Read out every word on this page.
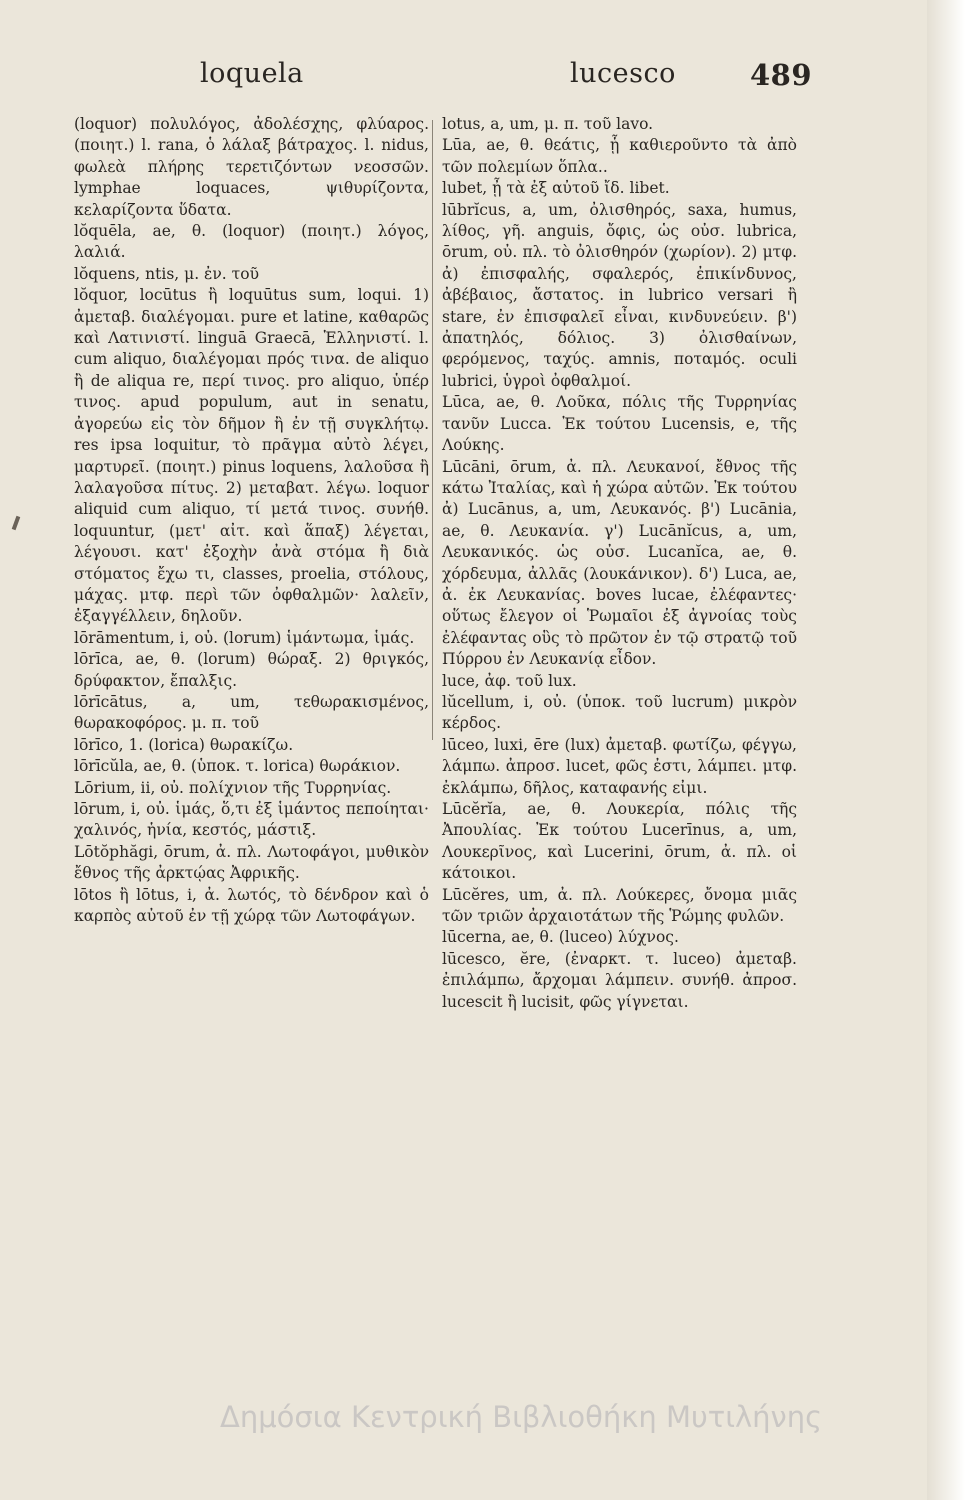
loquela	lucesco	489

(loquor) πολυλόγος, ἀδολέσχης, φλύαρος. (ποιητ.) l. rana, ὁ λάλαξ βάτραχος. l. nidus, φωλεὰ πλήρης τερετιζόντων νεοσσῶν. lymphae loquaces, ψιθυρίζοντα, κελαρίζοντα ὕδατα.

lŏquēla, ae, θ. (loquor) (ποιητ.) λόγος, λαλιά.

lŏquens, ntis, μ. ἐν. τοῦ

lŏquor, locūtus ἢ loquūtus sum, loqui. 1) ἀμεταβ. διαλέγομαι. pure et latine, καθαρῶς καὶ Λατινιστί. linguā Graecā, Ἑλληνιστί. l. cum aliquo, διαλέγομαι πρός τινα. de aliquo ἢ de aliqua re, περί τινος. pro aliquo, ὑπέρ τινος. apud populum, aut in senatu, ἀγορεύω εἰς τὸν δῆμον ἢ ἐν τῇ συγκλήτῳ. res ipsa loquitur, τὸ πρᾶγμα αὐτὸ λέγει, μαρτυρεῖ. (ποιητ.) pinus loquens, λαλοῦσα ἢ λαλαγοῦσα πίτυς. 2) μεταβατ. λέγω. loquor aliquid cum aliquo, τί μετά τινος. συνήθ. loquuntur, (μετ' αἰτ. καὶ ἅπαξ) λέγεται, λέγουσι. κατ' ἐξοχὴν ἀνὰ στόμα ἢ διὰ στόματος ἔχω τι, classes, proelia, στόλους, μάχας. μτφ. περὶ τῶν ὀφθαλμῶν· λαλεῖν, ἐξαγγέλλειν, δηλοῦν.

lōrāmentum, i, οὐ. (lorum) ἱμάντωμα, ἱμάς.

lōrīca, ae, θ. (lorum) θώραξ. 2) θριγκός, δρύφακτον, ἔπαλξις.

lōrīcātus, a, um, τεθωρακισμένος, θωρακοφόρος. μ. π. τοῦ

lōrīco, 1. (lorica) θωρακίζω.

lōrīcŭla, ae, θ. (ὑποκ. τ. lorica) θωράκιον.

Lōrium, ii, οὐ. πολίχνιον τῆς Τυρρηνίας.

lōrum, i, οὐ. ἱμάς, ὅ,τι ἐξ ἱμάντος πεποίηται· χαλινός, ἡνία, κεστός, μάστιξ.

Lōtŏphăgi, ōrum, ἀ. πλ. Λωτοφάγοι, μυθικὸν ἔθνος τῆς ἀρκτῴας Ἀφρικῆς.

lōtos ἢ lōtus, i, ἀ. λωτός, τὸ δένδρον καὶ ὁ καρπὸς αὐτοῦ ἐν τῇ χώρᾳ τῶν Λωτοφάγων.

lotus, a, um, μ. π. τοῦ lavo.

Lūa, ae, θ. θεάτις, ᾗ καθιεροῦντο τὰ ἀπὸ τῶν πολεμίων ὅπλα..

lubet, ᾖ τὰ ἐξ αὐτοῦ ἴδ. libet.

lūbrĭcus, a, um, ὀλισθηρός, saxa, humus, λίθος, γῆ. anguis, ὄφις, ὡς οὐσ. lubrica, ōrum, οὐ. πλ. τὸ ὀλισθηρόν (χωρίον). 2) μτφ. ἀ) ἐπισφαλής, σφαλερός, ἐπικίνδυνος, ἀβέβαιος, ἄστατος. in lubrico versari ἢ stare, ἐν ἐπισφαλεῖ εἶναι, κινδυνεύειν. β') ἀπατηλός, δόλιος. 3) ὀλισθαίνων, φερόμενος, ταχύς. amnis, ποταμός. oculi lubrici, ὑγροὶ ὀφθαλμοί.

Lūca, ae, θ. Λοῦκα, πόλις τῆς Τυρρηνίας τανῦν Lucca. Ἐκ τούτου Lucensis, e, τῆς Λούκης.

Lūcāni, ōrum, ἀ. πλ. Λευκανοί, ἔθνος τῆς κάτω Ἰταλίας, καὶ ἡ χώρα αὐτῶν. Ἐκ τούτου ἀ) Lucānus, a, um, Λευκανός. β') Lucānia, ae, θ. Λευκανία. γ') Lucānĭcus, a, um, Λευκανικός. ὡς οὐσ. Lucanĭca, ae, θ. χόρδευμα, ἀλλᾶς (λουκάνικον). δ') Luca, ae, ἀ. ἐκ Λευκανίας. boves lucae, ἐλέφαντες· οὕτως ἔλεγον οἱ Ῥωμαῖοι ἐξ ἀγνοίας τοὺς ἐλέφαντας οὓς τὸ πρῶτον ἐν τῷ στρατῷ τοῦ Πύρρου ἐν Λευκανίᾳ εἶδον.

luce, ἀφ. τοῦ lux.

lŭcellum, i, οὐ. (ὑποκ. τοῦ lucrum) μικρὸν κέρδος.

lūceo, luxi, ēre (lux) ἀμεταβ. φωτίζω, φέγγω, λάμπω. ἀπροσ. lucet, φῶς ἐστι, λάμπει. μτφ. ἐκλάμπω, δῆλος, καταφανής εἰμι.

Lūcĕrĭa, ae, θ. Λουκερία, πόλις τῆς Ἀπουλίας. Ἐκ τούτου Lucerīnus, a, um, Λουκερῖνος, καὶ Lucerini, ōrum, ἀ. πλ. οἱ κάτοικοι.

Lūcĕres, um, ἀ. πλ. Λούκερες, ὄνομα μιᾶς τῶν τριῶν ἀρχαιοτάτων τῆς Ῥώμης φυλῶν.

lūcerna, ae, θ. (luceo) λύχνος.

lūcesco, ĕre, (ἐναρκτ. τ. luceo) ἀμεταβ. ἐπιλάμπω, ἄρχομαι λάμπειν. συνήθ. ἀπροσ. lucescit ἢ lucisit, φῶς γίγνεται.

Δημόσια Κεντρική Βιβλιοθήκη Μυτιλήνης
